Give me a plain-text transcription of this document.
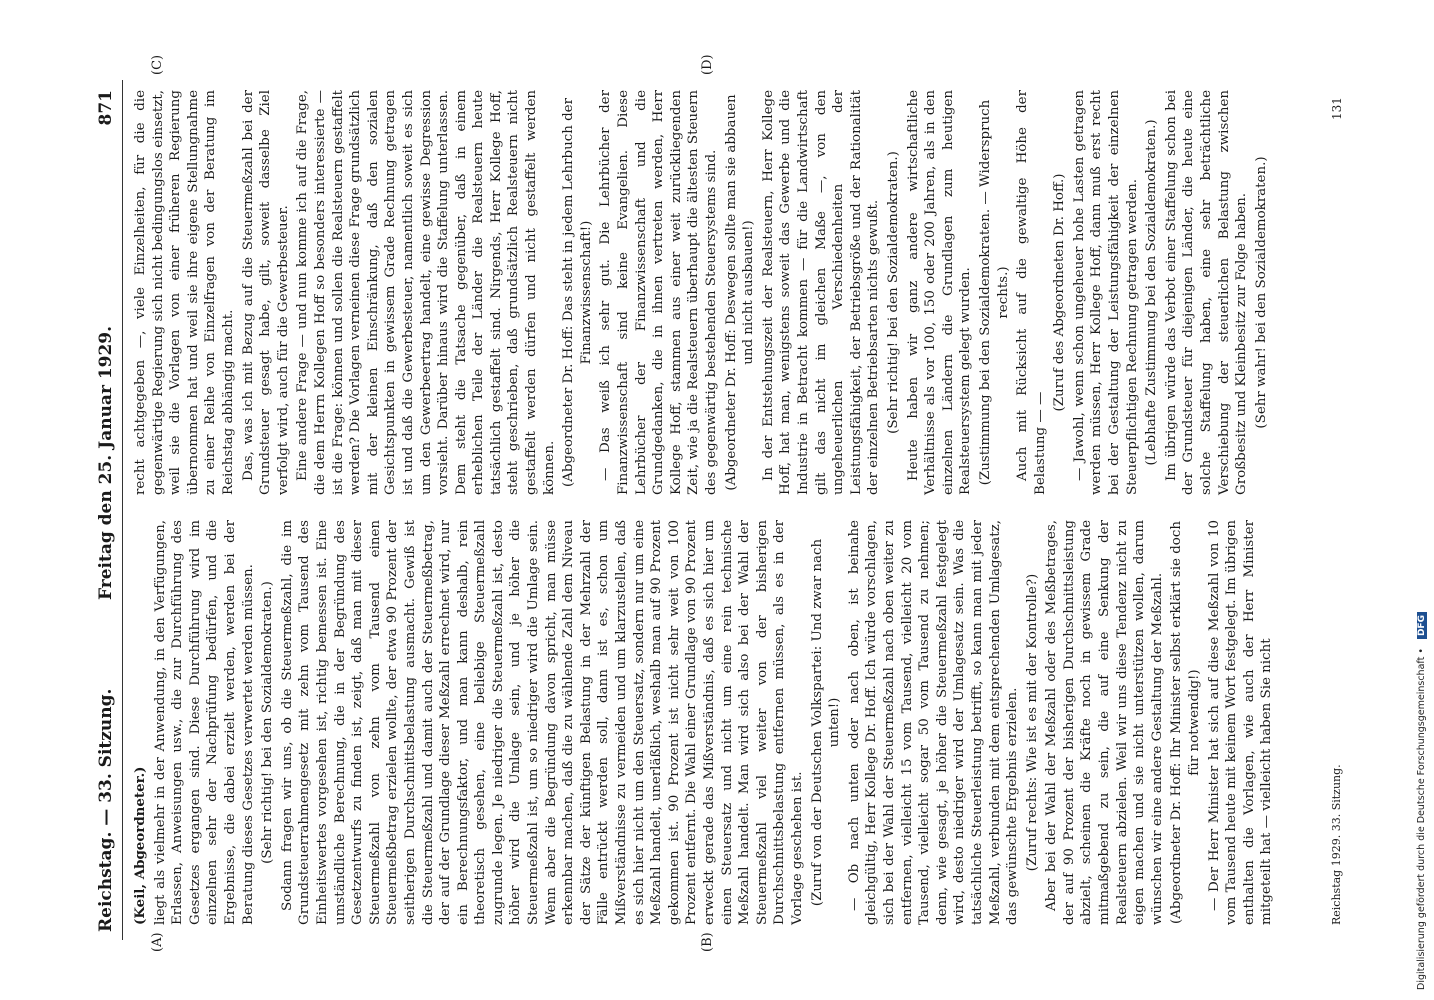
Reichstag. — 33. Sitzung.
Freitag den 25. Januar 1929.
871
(A)	(B)
(C)	(D)

(Keil, Abgeordneter.) liegt als vielmehr in der Anwendung, in den Verfügungen, Erlassen, Anweisungen usw., die zur Durchführung des Gesetzes ergangen sind. Diese Durchführung wird im einzelnen sehr der Nachprüfung bedürfen, und die Ergebnisse, die dabei erzielt werden, werden bei der Beratung dieses Gesetzes verwertet werden müssen. (Sehr richtig! bei den Sozialdemokraten.) Sodann fragen wir uns, ob die Steuermeßzahl, die im Grundsteuerrahmengesetz mit zehn vom Tausend des Einheitswertes vorgesehen ist, richtig bemessen ist. Eine umständliche Berechnung, die in der Begründung des Gesetzentwurfs zu finden ist, zeigt, daß man mit dieser Steuermeßzahl von zehn vom Tausend einen Steuermeßbetrag erzielen wollte, der etwa 90 Prozent der seitherigen Durchschnittsbelastung ausmacht. Gewiß ist die Steuermeßzahl und damit auch der Steuermeßbetrag, der auf der Grundlage dieser Meßzahl errechnet wird, nur ein Berechnungsfaktor, und man kann deshalb, rein theoretisch gesehen, eine beliebige Steuermeßzahl zugrunde legen. Je niedriger die Steuermeßzahl ist, desto höher wird die Umlage sein, und je höher die Steuermeßzahl ist, um so niedriger wird die Umlage sein. Wenn aber die Begründung davon spricht, man müsse erkennbar machen, daß die zu wählende Zahl dem Niveau der Sätze der künftigen Belastung in der Mehrzahl der Fälle entrückt werden soll, dann ist es, schon um Mißverständnisse zu vermeiden und um klarzustellen, daß es sich hier nicht um den Steuersatz, sondern nur um eine Meßzahl handelt, unerläßlich, weshalb man auf 90 Prozent gekommen ist. 90 Prozent ist nicht sehr weit von 100 Prozent entfernt. Die Wahl einer Grundlage von 90 Prozent erweckt gerade das Mißverständnis, daß es sich hier um einen Steuersatz und nicht um eine rein technische Meßzahl handelt. Man wird sich also bei der Wahl der Steuermeßzahl viel weiter von der bisherigen Durchschnittsbelastung entfernen müssen, als es in der Vorlage geschehen ist. (Zuruf von der Deutschen Volkspartei: Und zwar nach unten!) — Ob nach unten oder nach oben, ist beinahe gleichgültig, Herr Kollege Dr. Hoff. Ich würde vorschlagen, sich bei der Wahl der Steuermeßzahl nach oben weiter zu entfernen, vielleicht 15 vom Tausend, vielleicht 20 vom Tausend, vielleicht sogar 50 vom Tausend zu nehmen; denn, wie gesagt, je höher die Steuermeßzahl festgelegt wird, desto niedriger wird der Umlagesatz sein. Was die tatsächliche Steuerleistung betrifft, so kann man mit jeder Meßzahl, verbunden mit dem entsprechenden Umlagesatz, das gewünschte Ergebnis erzielen. (Zuruf rechts: Wie ist es mit der Kontrolle?) Aber bei der Wahl der Meßzahl oder des Meßbetrages, der auf 90 Prozent der bisherigen Durchschnittsleistung abzielt, scheinen die Kräfte noch in gewissem Grade mitmaßgebend zu sein, die auf eine Senkung der Realsteuern abzielen. Weil wir uns diese Tendenz nicht zu eigen machen und sie nicht unterstützen wollen, darum wünschen wir eine andere Gestaltung der Meßzahl. (Abgeordneter Dr. Hoff: Ihr Minister selbst erklärt sie doch für notwendig!) — Der Herr Minister hat sich auf diese Meßzahl von 10 vom Tausend heute mit keinem Wort festgelegt. Im übrigen enthalten die Vorlagen, wie auch der Herr Minister mitgeteilt hat — vielleicht haben Sie nicht

recht achtgegeben —, viele Einzelheiten, für die die gegenwärtige Regierung sich nicht bedingungslos einsetzt, weil sie die Vorlagen von einer früheren Regierung übernommen hat und weil sie ihre eigene Stellungnahme zu einer Reihe von Einzelfragen von der Beratung im Reichstag abhängig macht. Das, was ich mit Bezug auf die Steuermeßzahl bei der Grundsteuer gesagt habe, gilt, soweit dasselbe Ziel verfolgt wird, auch für die Gewerbesteuer. Eine andere Frage — und nun komme ich auf die Frage, die dem Herrn Kollegen Hoff so besonders interessierte — ist die Frage: können und sollen die Realsteuern gestaffelt werden? Die Vorlagen verneinen diese Frage grundsätzlich mit der kleinen Einschränkung, daß den sozialen Gesichtspunkten in gewissem Grade Rechnung getragen ist und daß die Gewerbesteuer, namentlich soweit es sich um den Gewerbeertrag handelt, eine gewisse Degression vorsieht. Darüber hinaus wird die Staffelung unterlassen. Dem steht die Tatsache gegenüber, daß in einem erheblichen Teile der Länder die Realsteuern heute tatsächlich gestaffelt sind. Nirgends, Herr Kollege Hoff, steht geschrieben, daß grundsätzlich Realsteuern nicht gestaffelt werden dürfen und nicht gestaffelt werden können. (Abgeordneter Dr. Hoff: Das steht in jedem Lehrbuch der Finanzwissenschaft!) — Das weiß ich sehr gut. Die Lehrbücher der Finanzwissenschaft sind keine Evangelien. Diese Lehrbücher der Finanzwissenschaft und die Grundgedanken, die in ihnen vertreten werden, Herr Kollege Hoff, stammen aus einer weit zurückliegenden Zeit, wie ja die Realsteuern überhaupt die ältesten Steuern des gegenwärtig bestehenden Steuersystems sind. (Abgeordneter Dr. Hoff: Deswegen sollte man sie abbauen und nicht ausbauen!) In der Entstehungszeit der Realsteuern, Herr Kollege Hoff, hat man, wenigstens soweit das Gewerbe und die Industrie in Betracht kommen — für die Landwirtschaft gilt das nicht im gleichen Maße —, von den ungeheuerlichen Verschiedenheiten der Leistungsfähigkeit, der Betriebsgröße und der Rationalität der einzelnen Betriebsarten nichts gewußt. (Sehr richtig! bei den Sozialdemokraten.) Heute haben wir ganz andere wirtschaftliche Verhältnisse als vor 100, 150 oder 200 Jahren, als in den einzelnen Ländern die Grundlagen zum heutigen Realsteuersystem gelegt wurden. (Zustimmung bei den Sozialdemokraten. — Widerspruch rechts.) Auch mit Rücksicht auf die gewaltige Höhe der Belastung — —

(Zuruf des Abgeordneten Dr. Hoff.) — Jawohl, wenn schon ungeheuer hohe Lasten getragen werden müssen, Herr Kollege Hoff, dann muß erst recht bei der Gestaltung der Leistungsfähigkeit der einzelnen Steuerpflichtigen Rechnung getragen werden. (Lebhafte Zustimmung bei den Sozialdemokraten.) Im übrigen würde das Verbot einer Staffelung schon bei der Grundsteuer für diejenigen Länder, die heute eine solche Staffelung haben, eine sehr beträchtliche Verschiebung der steuerlichen Belastung zwischen Großbesitz und Kleinbesitz zur Folge haben. (Sehr wahr! bei den Sozialdemokraten.)

Reichstag 1929. 33. Sitzung.
131
Digitalisierung gefördert durch die Deutsche Forschungsgemeinschaft • DFG
